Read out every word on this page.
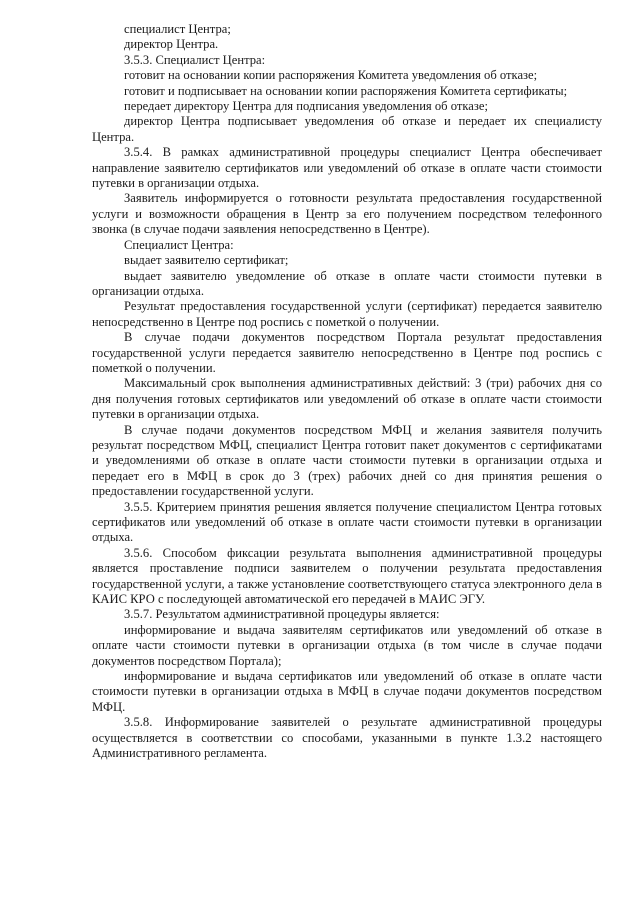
специалист Центра;

директор Центра.

3.5.3. Специалист Центра:

готовит на основании копии распоряжения Комитета уведомления об отказе;

готовит и подписывает на основании копии распоряжения Комитета сертификаты;

передает директору Центра для подписания уведомления об отказе;

директор Центра подписывает уведомления об отказе и передает их специалисту Центра.

3.5.4. В рамках административной процедуры специалист Центра обеспечивает направление заявителю сертификатов или уведомлений об отказе в оплате части стоимости путевки в организации отдыха.

Заявитель информируется о готовности результата предоставления государственной услуги и возможности обращения в Центр за его получением посредством телефонного звонка (в случае подачи заявления непосредственно в Центре).

Специалист Центра:

выдает заявителю сертификат;

выдает заявителю уведомление об отказе в оплате части стоимости путевки в организации отдыха.

Результат предоставления государственной услуги (сертификат) передается заявителю непосредственно в Центре под роспись с пометкой о получении.

В случае подачи документов посредством Портала результат предоставления государственной услуги передается заявителю непосредственно в Центре под роспись с пометкой о получении.

Максимальный срок выполнения административных действий: 3 (три) рабочих дня со дня получения готовых сертификатов или уведомлений об отказе в оплате части стоимости путевки в организации отдыха.

В случае подачи документов посредством МФЦ и желания заявителя получить результат посредством МФЦ, специалист Центра готовит пакет документов с сертификатами и уведомлениями об отказе в оплате части стоимости путевки в организации отдыха и передает его в МФЦ в срок до 3 (трех) рабочих дней со дня принятия решения о предоставлении государственной услуги.

3.5.5. Критерием принятия решения является получение специалистом Центра готовых сертификатов или уведомлений об отказе в оплате части стоимости путевки в организации отдыха.

3.5.6. Способом фиксации результата выполнения административной процедуры является проставление подписи заявителем о получении результата предоставления государственной услуги, а также установление соответствующего статуса электронного дела в КАИС КРО с последующей автоматической его передачей в МАИС ЭГУ.

3.5.7. Результатом административной процедуры является:

информирование и выдача заявителям сертификатов или уведомлений об отказе в оплате части стоимости путевки в организации отдыха (в том числе в случае подачи документов посредством Портала);

информирование и выдача сертификатов или уведомлений об отказе в оплате части стоимости путевки в организации отдыха в МФЦ в случае подачи документов посредством МФЦ.

3.5.8. Информирование заявителей о результате административной процедуры осуществляется в соответствии со способами, указанными в пункте 1.3.2 настоящего Административного регламента.
